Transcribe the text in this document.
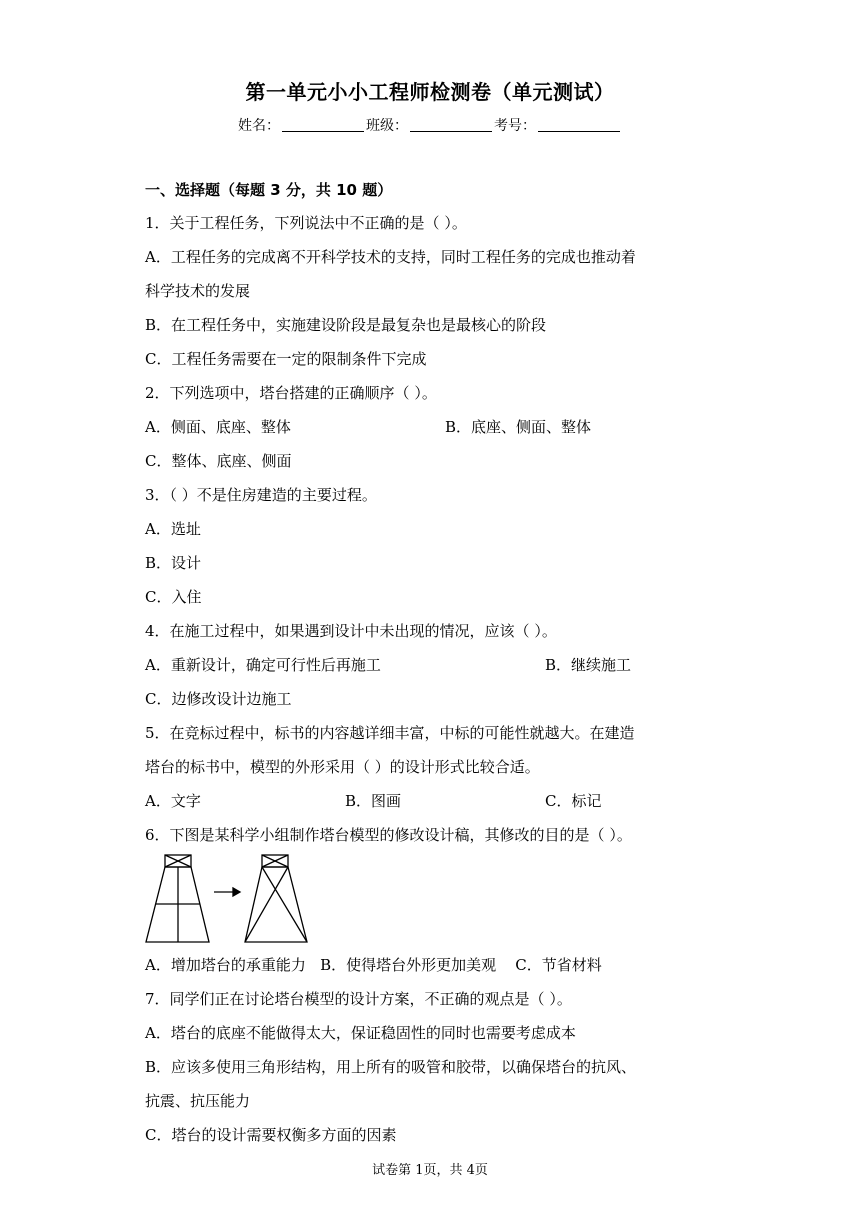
第一单元小小工程师检测卷（单元测试）
姓名：	班级：	考号：
一、选择题（每题 3 分，共 10 题）
1．关于工程任务，下列说法中不正确的是（ ）。
A．工程任务的完成离不开科学技术的支持，同时工程任务的完成也推动着
科学技术的发展
B．在工程任务中，实施建设阶段是最复杂也是最核心的阶段
C．工程任务需要在一定的限制条件下完成
2．下列选项中，塔台搭建的正确顺序（ ）。
A．侧面、底座、整体	B．底座、侧面、整体
C．整体、底座、侧面
3．（ ）不是住房建造的主要过程。
A．选址
B．设计
C．入住
4．在施工过程中，如果遇到设计中未出现的情况，应该（ ）。
A．重新设计，确定可行性后再施工	B．继续施工
C．边修改设计边施工
5．在竞标过程中，标书的内容越详细丰富，中标的可能性就越大。在建造
塔台的标书中，模型的外形采用（ ）的设计形式比较合适。
A．文字	B．图画	C．标记
6．下图是某科学小组制作塔台模型的修改设计稿，其修改的目的是（ ）。
A．增加塔台的承重能力   B．使得塔台外形更加美观    C．节省材料
7．同学们正在讨论塔台模型的设计方案，不正确的观点是（ ）。
A．塔台的底座不能做得太大，保证稳固性的同时也需要考虑成本
B．应该多使用三角形结构，用上所有的吸管和胶带，以确保塔台的抗风、
抗震、抗压能力
C．塔台的设计需要权衡多方面的因素
试卷第 1页，共 4页
